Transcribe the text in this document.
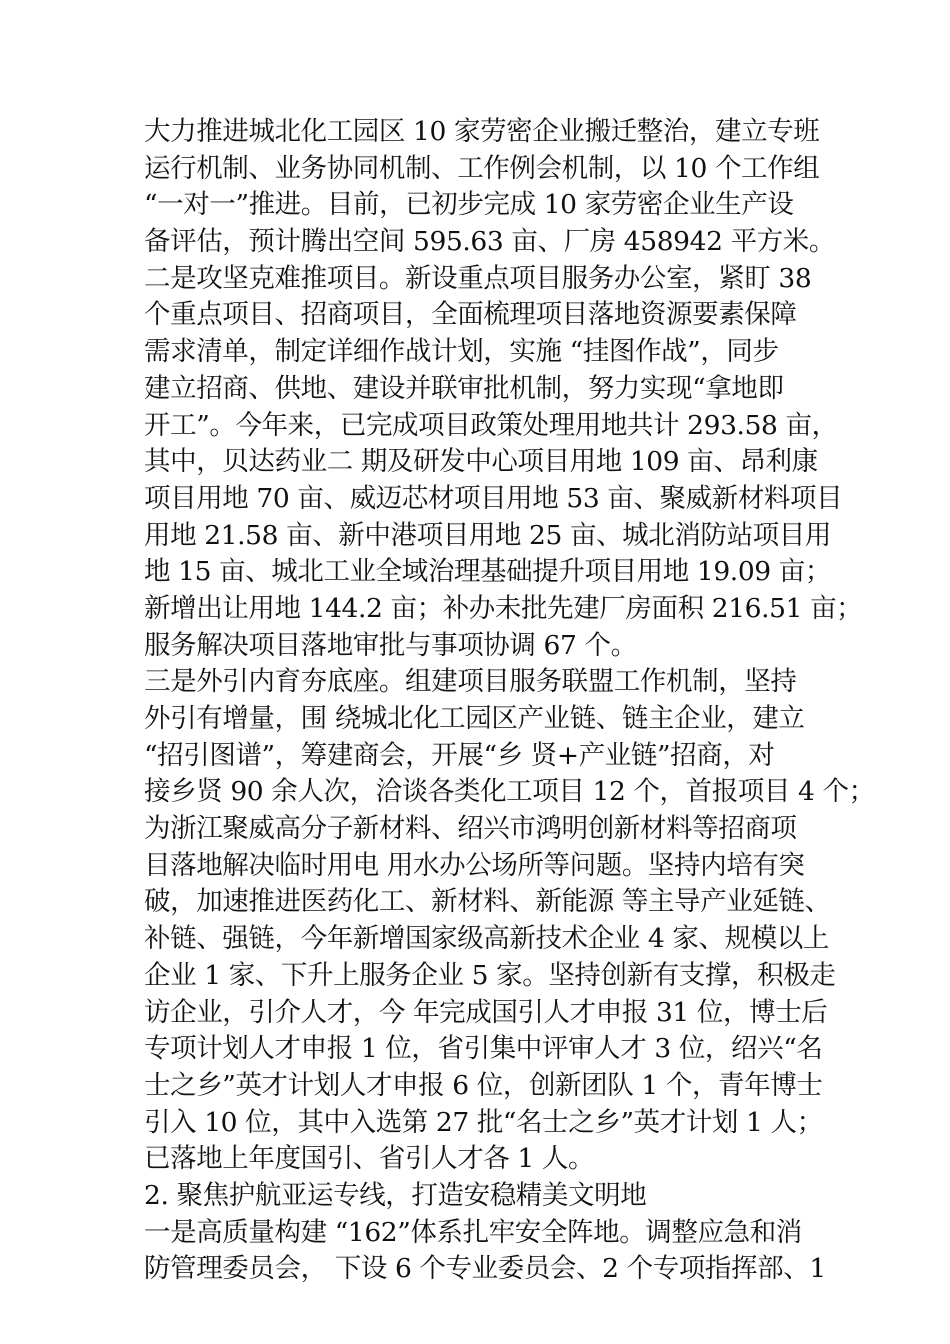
大力推进城北化工园区 10 家劳密企业搬迁整治，建立专班
运行机制、业务协同机制、工作例会机制，以 10 个工作组
“一对一”推进。目前，已初步完成 10 家劳密企业生产设
备评估，预计腾出空间 595.63 亩、厂房 458942 平方米。
二是攻坚克难推项目。新设重点项目服务办公室，紧盯 38
个重点项目、招商项目，全面梳理项目落地资源要素保障
需求清单，制定详细作战计划，实施 “挂图作战”，同步
建立招商、供地、建设并联审批机制，努力实现“拿地即
开工”。今年来，已完成项目政策处理用地共计 293.58 亩，
其中，贝达药业二 期及研发中心项目用地 109 亩、昂利康
项目用地 70 亩、威迈芯材项目用地 53 亩、聚威新材料项目
用地 21.58 亩、新中港项目用地 25 亩、城北消防站项目用
地 15 亩、城北工业全域治理基础提升项目用地 19.09 亩；
新增出让用地 144.2 亩；补办未批先建厂房面积 216.51 亩；
服务解决项目落地审批与事项协调 67 个。
三是外引内育夯底座。组建项目服务联盟工作机制，坚持
外引有增量，围 绕城北化工园区产业链、链主企业，建立
“招引图谱”，筹建商会，开展“乡 贤+产业链”招商，对
接乡贤 90 余人次，洽谈各类化工项目 12 个，首报项目 4 个；
为浙江聚威高分子新材料、绍兴市鸿明创新材料等招商项
目落地解决临时用电 用水办公场所等问题。坚持内培有突
破，加速推进医药化工、新材料、新能源 等主导产业延链、
补链、强链，今年新增国家级高新技术企业 4 家、规模以上
企业 1 家、下升上服务企业 5 家。坚持创新有支撑，积极走
访企业，引介人才，今 年完成国引人才申报 31 位，博士后
专项计划人才申报 1 位，省引集中评审人才 3 位，绍兴“名
士之乡”英才计划人才申报 6 位，创新团队 1 个，青年博士
引入 10 位，其中入选第 27 批“名士之乡”英才计划 1 人；
已落地上年度国引、省引人才各 1 人。
2. 聚焦护航亚运专线，打造安稳精美文明地
一是高质量构建 “162”体系扎牢安全阵地。调整应急和消
防管理委员会， 下设 6 个专业委员会、2 个专项指挥部、1
